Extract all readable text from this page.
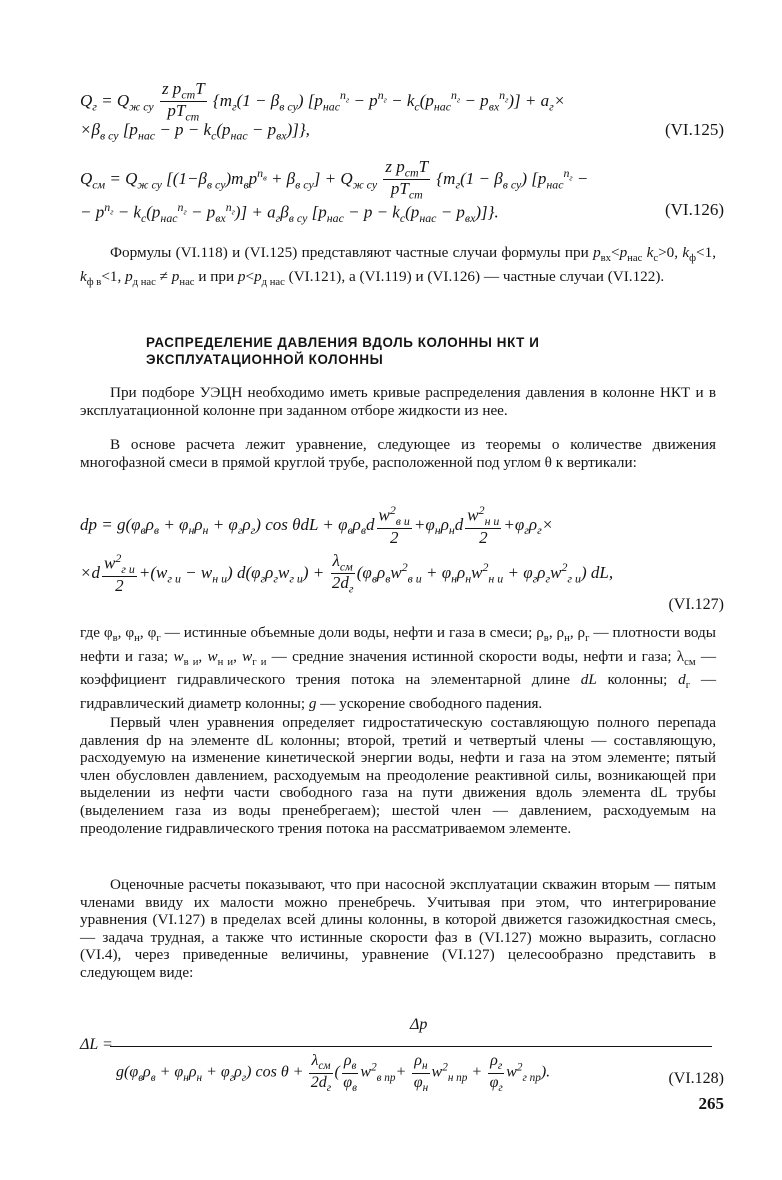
$Q_г = Q_{ж су} \frac{z p_{ст}T}{pT_{ст}} \{m_г(1 - \beta_{в су}) [p_{нас}^{n_г} - p^{n_г} - k_с(p_{нас}^{n_г} - p_{вх}^{n_г})] + a_г\times$
$\times\beta_{в су}$ $[p_{нас} - p - k_с(p_{нас} - p_{вх})]$},	(VI.125)
$Q_{см} = Q_{ж су}$ $[(1-\beta_{в су})m_вp^{n_в} + \beta_{в су}] + Q_{ж су} \frac{z p_{ст}T}{pT_{ст}} \{m_г(1 - \beta_{в су}) [p_{нас}^{n_г}$ −
− $p^{n_г} - k_с(p_{нас}^{n_г} - p_{вх}^{n_г})] + a_г\beta_{в су}$ $[p_{нас} - p - k_с(p_{нас} - p_{вх})]$}.	(VI.126)
Формулы (VI.118) и (VI.125) представляют частные случаи формулы при $p_{вх}<p_{нас}$ $k_с>0$, $k_ф<1$, $k_{ф в}<1$, $p_{д нас} \ne p_{нас}$ и при $p<p_{д нас}$ (VI.121), а (VI.119) и (VI.126) — частные случаи (VI.122).
РАСПРЕДЕЛЕНИЕ ДАВЛЕНИЯ ВДОЛЬ КОЛОННЫ НКТ И ЭКСПЛУАТАЦИОННОЙ КОЛОННЫ
При подборе УЭЦН необходимо иметь кривые распределения давления в колонне НКТ и в эксплуатационной колонне при заданном отборе жидкости из нее.
В основе расчета лежит уравнение, следующее из теоремы о количестве движения многофазной смеси в прямой круглой трубе, расположенной под углом θ к вертикали:
dp = $g(\varphi_в\rho_в + \varphi_н\rho_н + \varphi_г\rho_г)$ $\cos \theta dL + \varphi_в\rho_вd \frac{w^2_{в и}}{2} +\varphi_н\rho_нd \frac{w^2_{н и}}{2} +\varphi_г\rho_г\times$
$\times d \frac{w^2_{г и}}{2} +(w_{г и} - w_{н и}) d(\varphi_г\rho_гw_{г и}) + \frac{\lambda_{см}}{2d_г} (\varphi_в\rho_вw^2_{в и} + \varphi_н\rho_нw^2_{н и} + \varphi_г\rho_гw^2_{г и})$ dL,
(VI.127)
где $\varphi_в$, $\varphi_н$, $\varphi_г$ — истинные объемные доли воды, нефти и газа в смеси; $\rho_в$, $\rho_н$, $\rho_г$ — плотности воды нефти и газа; $w_{в и}$, $w_{н и}$, $w_{г и}$ — средние значения истинной скорости воды, нефти и газа; $\lambda_{см}$ — коэффициент гидравлического трения потока на элементарной длине dL колонны; $d_г$ — гидравлический диаметр колонны; g — ускорение свободного падения.
Первый член уравнения определяет гидростатическую составляющую полного перепада давления dp на элементе dL колонны; второй, третий и четвертый члены — составляющую, расходуемую на изменение кинетической энергии воды, нефти и газа на этом элементе; пятый член обусловлен давлением, расходуемым на преодоление реактивной силы, возникающей при выделении из нефти части свободного газа на пути движения вдоль элемента dL трубы (выделением газа из воды пренебрегаем); шестой член — давлением, расходуемым на преодоление гидравлического трения потока на рассматриваемом элементе.
Оценочные расчеты показывают, что при насосной эксплуатации скважин вторым — пятым членами ввиду их малости можно пренебречь. Учитывая при этом, что интегрирование уравнения (VI.127) в пределах всей длины колонны, в которой движется газожидкостная смесь, — задача трудная, а также что истинные скорости фаз в (VI.127) можно выразить, согласно (VI.4), через приведенные величины, уравнение (VI.127) целесообразно представить в следующем виде:
ΔL =
Δp
$g(\varphi_в\rho_в + \varphi_н\rho_н + \varphi_г\rho_г)$ $\cos \theta + \frac{\lambda_{см}}{2d_г}$ ( $\frac{\rho_в}{\varphi_в} w^2_{в пр}+ \frac{\rho_н}{\varphi_н} w^2_{н пр} + \frac{\rho_г}{\varphi_г} w^2_{г пр}$).	(VI.128)
265
